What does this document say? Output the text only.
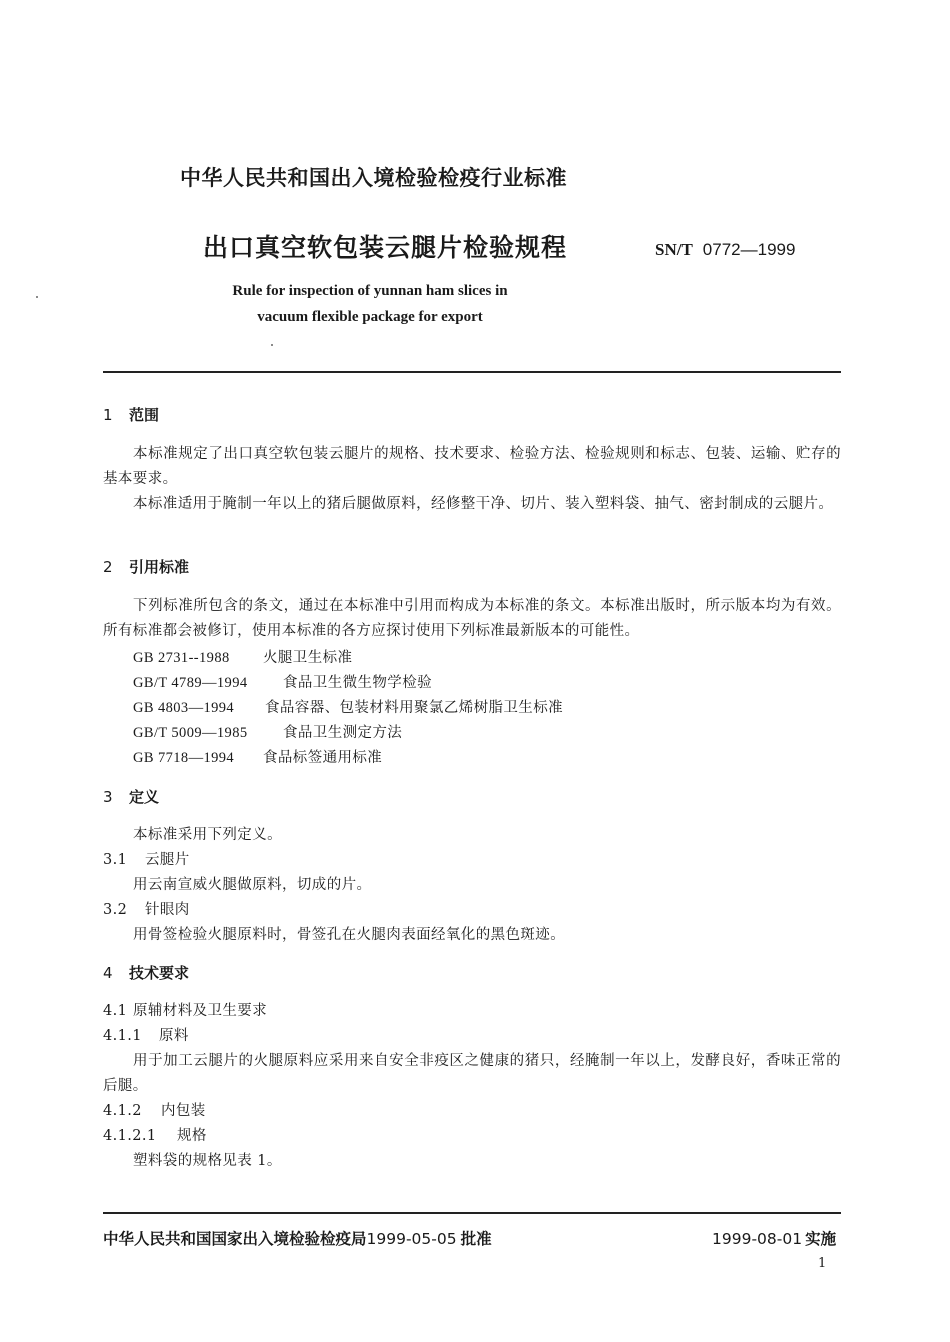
中华人民共和国出入境检验检疫行业标准
出口真空软包装云腿片检验规程	SN/T 0772—1999
Rule for inspection of yunnan ham slices in
vacuum flexible package for export
1 范围
本标准规定了出口真空软包装云腿片的规格、技术要求、检验方法、检验规则和标志、包装、运输、贮存的基本要求。
本标准适用于腌制一年以上的猪后腿做原料，经修整干净、切片、装入塑料袋、抽气、密封制成的云腿片。
2 引用标准
下列标准所包含的条文，通过在本标准中引用而构成为本标准的条文。本标准出版时，所示版本均为有效。所有标准都会被修订，使用本标准的各方应探讨使用下列标准最新版本的可能性。
GB 2731--1988 火腿卫生标准
GB/T 4789—1994 食品卫生微生物学检验
GB 4803—1994 食品容器、包装材料用聚氯乙烯树脂卫生标准
GB/T 5009—1985 食品卫生测定方法
GB 7718—1994 食品标签通用标准
3 定义
本标准采用下列定义。
3.1 云腿片
用云南宣威火腿做原料，切成的片。
3.2 针眼肉
用骨签检验火腿原料时，骨签孔在火腿肉表面经氧化的黑色斑迹。
4 技术要求
4.1 原辅材料及卫生要求
4.1.1 原料
用于加工云腿片的火腿原料应采用来自安全非疫区之健康的猪只，经腌制一年以上，发酵良好，香味正常的后腿。
4.1.2 内包装
4.1.2.1 规格
塑料袋的规格见表 1。
中华人民共和国国家出入境检验检疫局1999-05-05 批准	1999-08-01 实施
1
